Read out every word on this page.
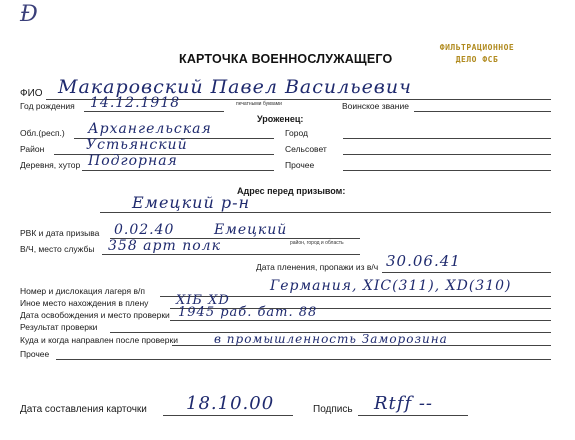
Ð
КАРТОЧКА ВОЕННОСЛУЖАЩЕГО
ФИЛЬТРАЦИОННОЕ
ДЕЛО ФСБ
ФИО Макаровский Павел Васильевич
печатными буквами
Год рождения 14.12.1918	Воинское звание
Уроженец:
Обл.(респ.) Архангельская	Город
Район	Устьянский	Сельсовет
Деревня, хутор Подгорная	Прочее
Адрес перед призывом:
Емецкий р-н
РВК и дата призыва 0.02.40	Емецкий
район, город и область
В/Ч, место службы 358 арт полк
Дата пленения, пропажи из в/ч 30.06.41
Номер и дислокация лагеря в/п	Германия, XIC(311), XD(310)
Иное место нахождения в плену XIБ XD
Дата освобождения и место проверки 1945 раб. бат. 88
Результат проверки
Куда и когда направлен после проверки	в промышленность Заморозина
Прочее
Дата составления карточки 18.10.00	Подпись Rtff --
